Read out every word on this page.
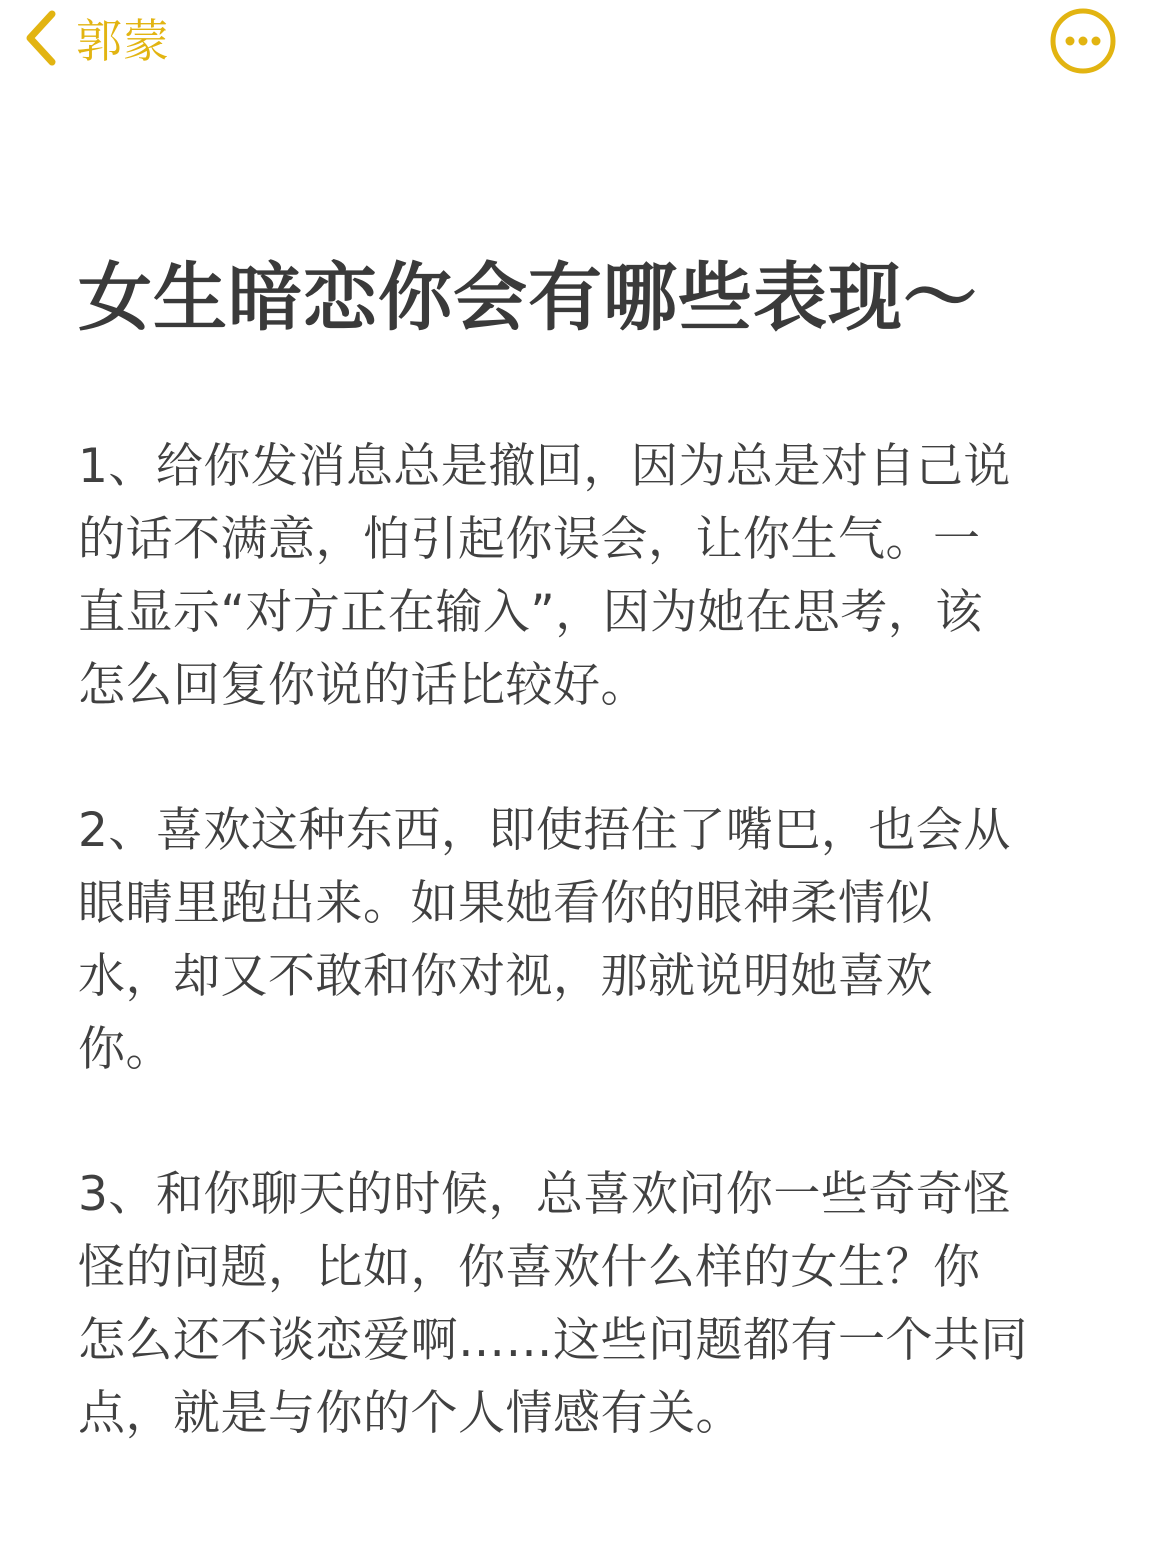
郭蒙
女生暗恋你会有哪些表现～

1、给你发消息总是撤回，因为总是对自己说
的话不满意，怕引起你误会，让你生气。一
直显示“对方正在输入”，因为她在思考，该
怎么回复你说的话比较好。

2、喜欢这种东西，即使捂住了嘴巴，也会从
眼睛里跑出来。如果她看你的眼神柔情似
水，却又不敢和你对视，那就说明她喜欢
你。

3、和你聊天的时候，总喜欢问你一些奇奇怪
怪的问题，比如，你喜欢什么样的女生？你
怎么还不谈恋爱啊……这些问题都有一个共同
点，就是与你的个人情感有关。
